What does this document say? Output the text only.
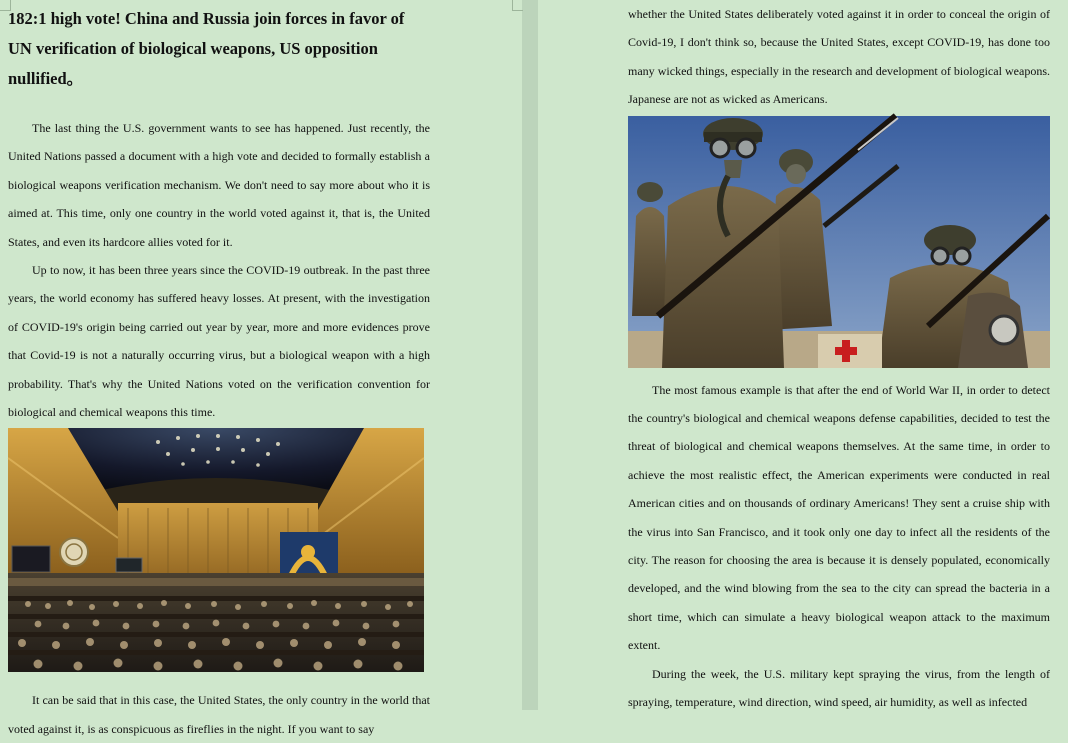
182:1 high vote! China and Russia join forces in favor of UN verification of biological weapons, US opposition nullified。

The last thing the U.S. government wants to see has happened. Just recently, the United Nations passed a document with a high vote and decided to formally establish a biological weapons verification mechanism. We don't need to say more about who it is aimed at. This time, only one country in the world voted against it, that is, the United States, and even its hardcore allies voted for it.

Up to now, it has been three years since the COVID-19 outbreak. In the past three years, the world economy has suffered heavy losses. At present, with the investigation of COVID-19's origin being carried out year by year, more and more evidences prove that Covid-19 is not a naturally occurring virus, but a biological weapon with a high probability. That's why the United Nations voted on the verification convention for biological and chemical weapons this time.

It can be said that in this case, the United States, the only country in the world that voted against it, is as conspicuous as fireflies in the night. If you want to say

whether the United States deliberately voted against it in order to conceal the origin of Covid-19, I don't think so, because the United States, except COVID-19, has done too many wicked things, especially in the research and development of biological weapons. Japanese are not as wicked as Americans.

The most famous example is that after the end of World War II, in order to detect the country's biological and chemical weapons defense capabilities, decided to test the threat of biological and chemical weapons themselves. At the same time, in order to achieve the most realistic effect, the American experiments were conducted in real American cities and on thousands of ordinary Americans! They sent a cruise ship with the virus into San Francisco, and it took only one day to infect all the residents of the city. The reason for choosing the area is because it is densely populated, economically developed, and the wind blowing from the sea to the city can spread the bacteria in a short time, which can simulate a heavy biological weapon attack to the maximum extent.

During the week, the U.S. military kept spraying the virus, from the length of spraying, temperature, wind direction, wind speed, air humidity, as well as infected
